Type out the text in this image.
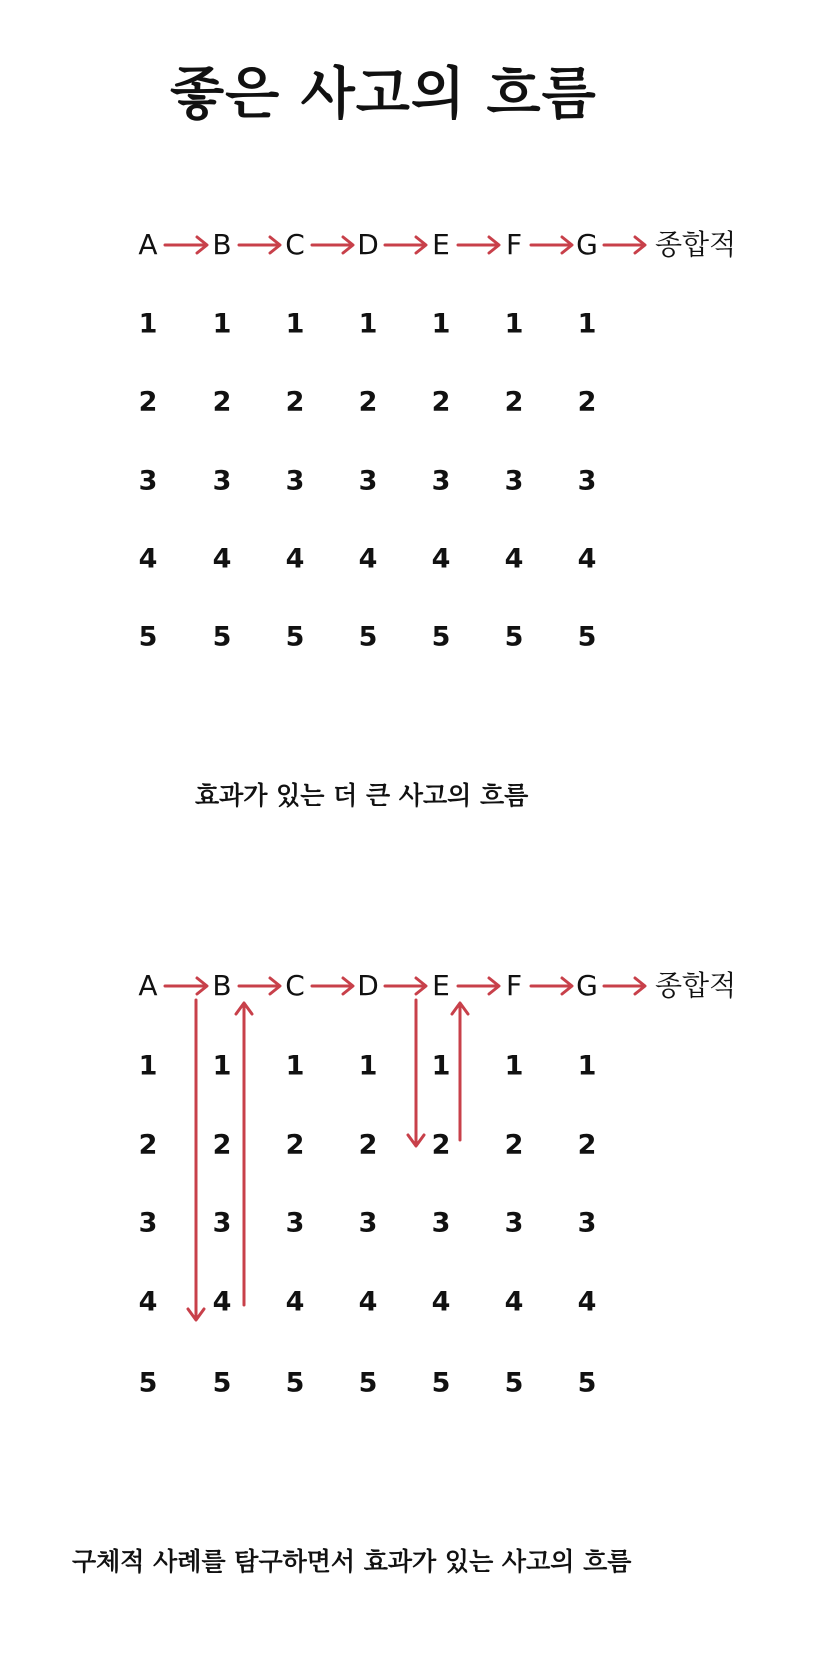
좋은 사고의 흐름
A B C D E F G 종합적
1 1 1 1 1 1 1
2 2 2 2 2 2 2
3 3 3 3 3 3 3
4 4 4 4 4 4 4
5 5 5 5 5 5 5
효과가 있는 더 큰 사고의 흐름
A B C D E F G 종합적
1 1 1 1 1 1 1
2 2 2 2 2 2 2
3 3 3 3 3 3 3
4 4 4 4 4 4 4
5 5 5 5 5 5 5
구체적 사례를 탐구하면서 효과가 있는 사고의 흐름
